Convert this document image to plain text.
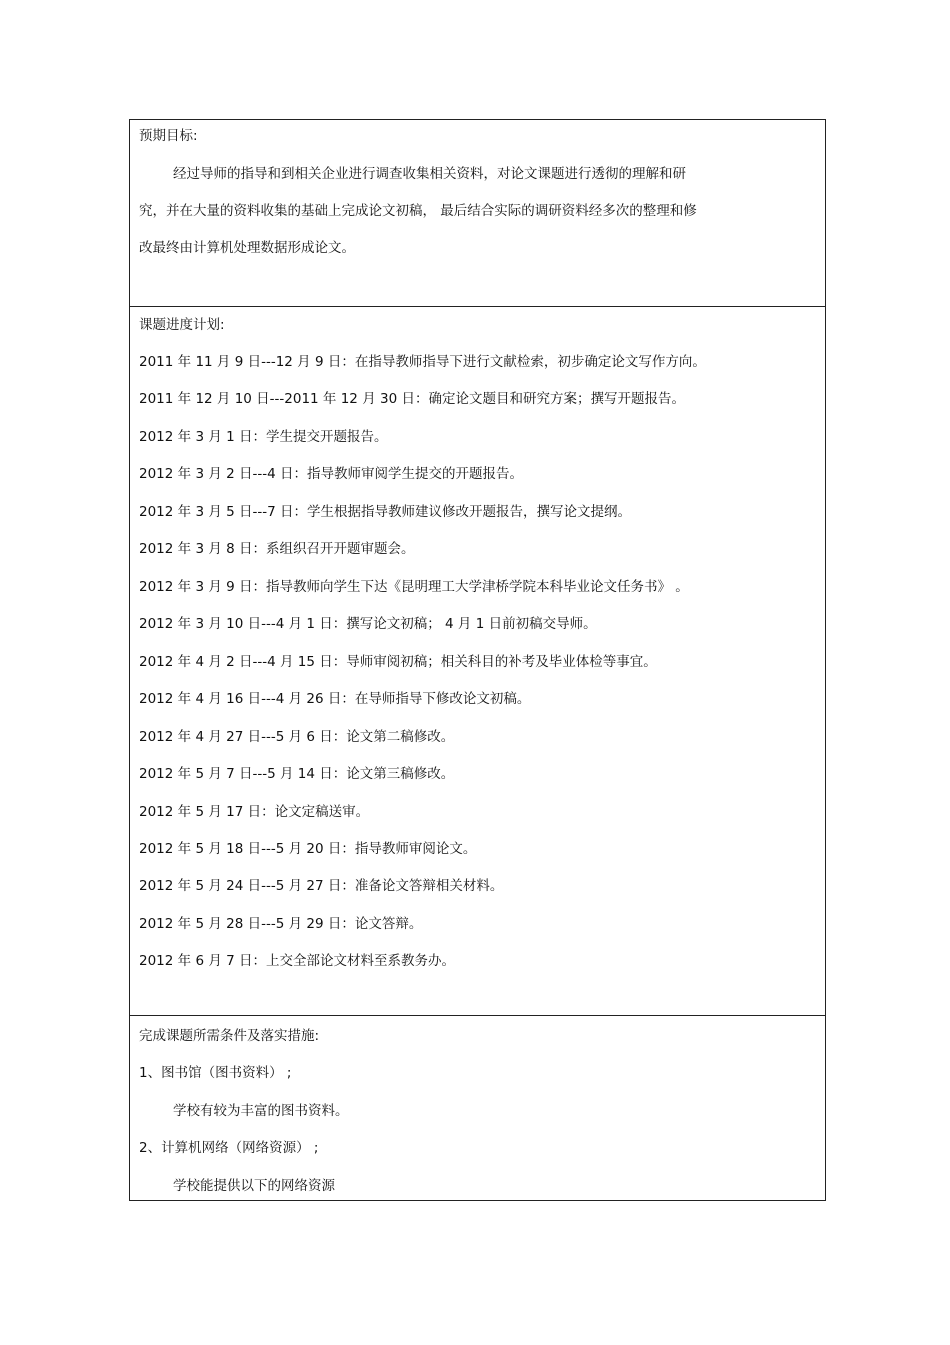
预期目标:
经过导师的指导和到相关企业进行调查收集相关资料，对论文课题进行透彻的理解和研
究，并在大量的资料收集的基础上完成论文初稿， 最后结合实际的调研资料经多次的整理和修
改最终由计算机处理数据形成论文。
课题进度计划:
2011 年 11 月 9 日---12 月 9 日：在指导教师指导下进行文献检索，初步确定论文写作方向。
2011 年 12 月 10 日---2011 年 12 月 30 日：确定论文题目和研究方案；撰写开题报告。
2012 年 3 月 1 日：学生提交开题报告。
2012 年 3 月 2 日---4 日：指导教师审阅学生提交的开题报告。
2012 年 3 月 5 日---7 日：学生根据指导教师建议修改开题报告，撰写论文提纲。
2012 年 3 月 8 日：系组织召开开题审题会。
2012 年 3 月 9 日：指导教师向学生下达《昆明理工大学津桥学院本科毕业论文任务书》 。
2012 年 3 月 10 日---4 月 1 日：撰写论文初稿； 4 月 1 日前初稿交导师。
2012 年 4 月 2 日---4 月 15 日：导师审阅初稿；相关科目的补考及毕业体检等事宜。
2012 年 4 月 16 日---4 月 26 日：在导师指导下修改论文初稿。
2012 年 4 月 27 日---5 月 6 日：论文第二稿修改。
2012 年 5 月 7 日---5 月 14 日：论文第三稿修改。
2012 年 5 月 17 日：论文定稿送审。
2012 年 5 月 18 日---5 月 20 日：指导教师审阅论文。
2012 年 5 月 24 日---5 月 27 日：准备论文答辩相关材料。
2012 年 5 月 28 日---5 月 29 日：论文答辩。
2012 年 6 月 7 日：上交全部论文材料至系教务办。
完成课题所需条件及落实措施:
1、图书馆（图书资料） ;
学校有较为丰富的图书资料。
2、计算机网络（网络资源） ;
学校能提供以下的网络资源
